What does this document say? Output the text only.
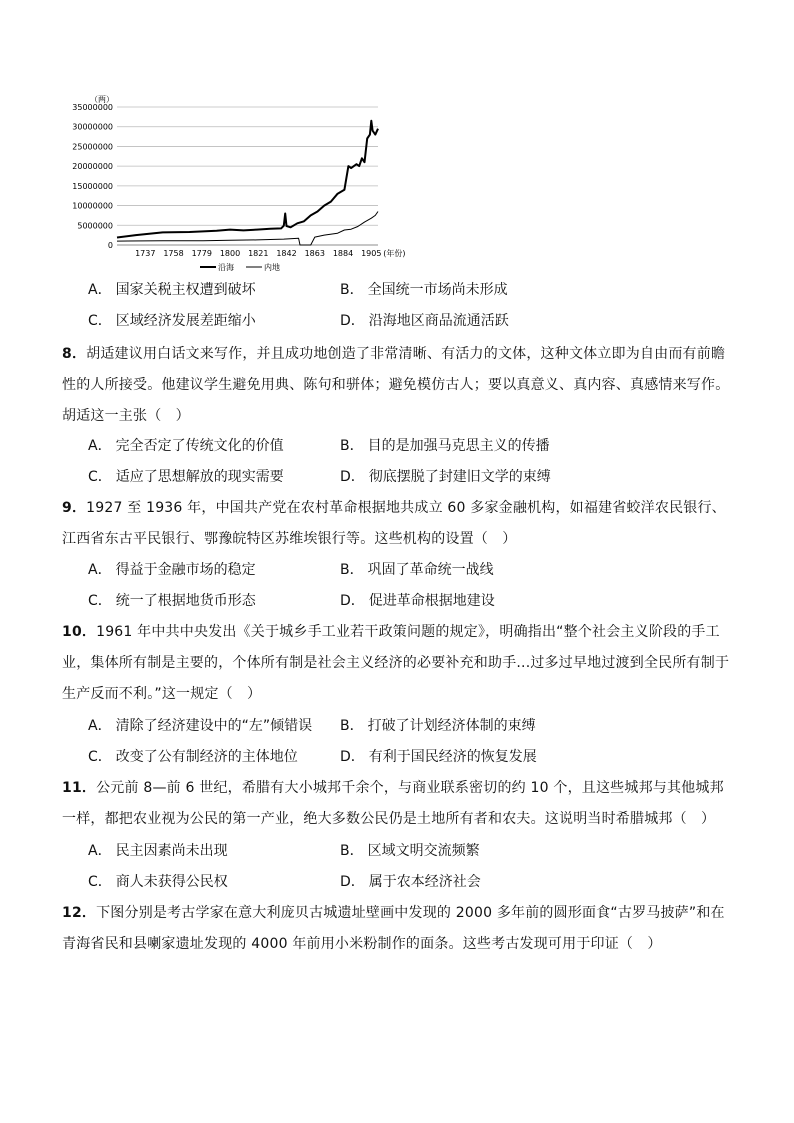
（两）
35000000
30000000
25000000
20000000
15000000
10000000
5000000
0
1737 1758 1779 1800 1821 1842 1863 1884 1905 (年份)
沿海	内地
A． 国家关税主权遭到破坏	B． 全国统一市场尚未形成
C． 区域经济发展差距缩小	D． 沿海地区商品流通活跃
8．胡适建议用白话文来写作，并且成功地创造了非常清晰、有活力的文体，这种文体立即为自由而有前瞻性的人所接受。他建议学生避免用典、陈句和骈体；避免模仿古人；要以真意义、真内容、真感情来写作。胡适这一主张（　）
A． 完全否定了传统文化的价值	B． 目的是加强马克思主义的传播
C． 适应了思想解放的现实需要	D． 彻底摆脱了封建旧文学的束缚
9．1927 至 1936 年，中国共产党在农村革命根据地共成立 60 多家金融机构，如福建省蛟洋农民银行、江西省东古平民银行、鄂豫皖特区苏维埃银行等。这些机构的设置（　）
A． 得益于金融市场的稳定	B． 巩固了革命统一战线
C． 统一了根据地货币形态	D． 促进革命根据地建设
10．1961 年中共中央发出《关于城乡手工业若干政策问题的规定》，明确指出“整个社会主义阶段的手工业，集体所有制是主要的，个体所有制是社会主义经济的必要补充和助手...过多过早地过渡到全民所有制于生产反而不利。”这一规定（　）
A． 清除了经济建设中的“左”倾错误 B． 打破了计划经济体制的束缚
C． 改变了公有制经济的主体地位	D． 有利于国民经济的恢复发展
11．公元前 8—前 6 世纪，希腊有大小城邦千余个，与商业联系密切的约 10 个，且这些城邦与其他城邦一样，都把农业视为公民的第一产业，绝大多数公民仍是土地所有者和农夫。这说明当时希腊城邦（　）
A． 民主因素尚未出现	B． 区域文明交流频繁
C． 商人未获得公民权	D． 属于农本经济社会
12．下图分别是考古学家在意大利庞贝古城遗址壁画中发现的 2000 多年前的圆形面食“古罗马披萨”和在青海省民和县喇家遗址发现的 4000 年前用小米粉制作的面条。这些考古发现可用于印证（　）
